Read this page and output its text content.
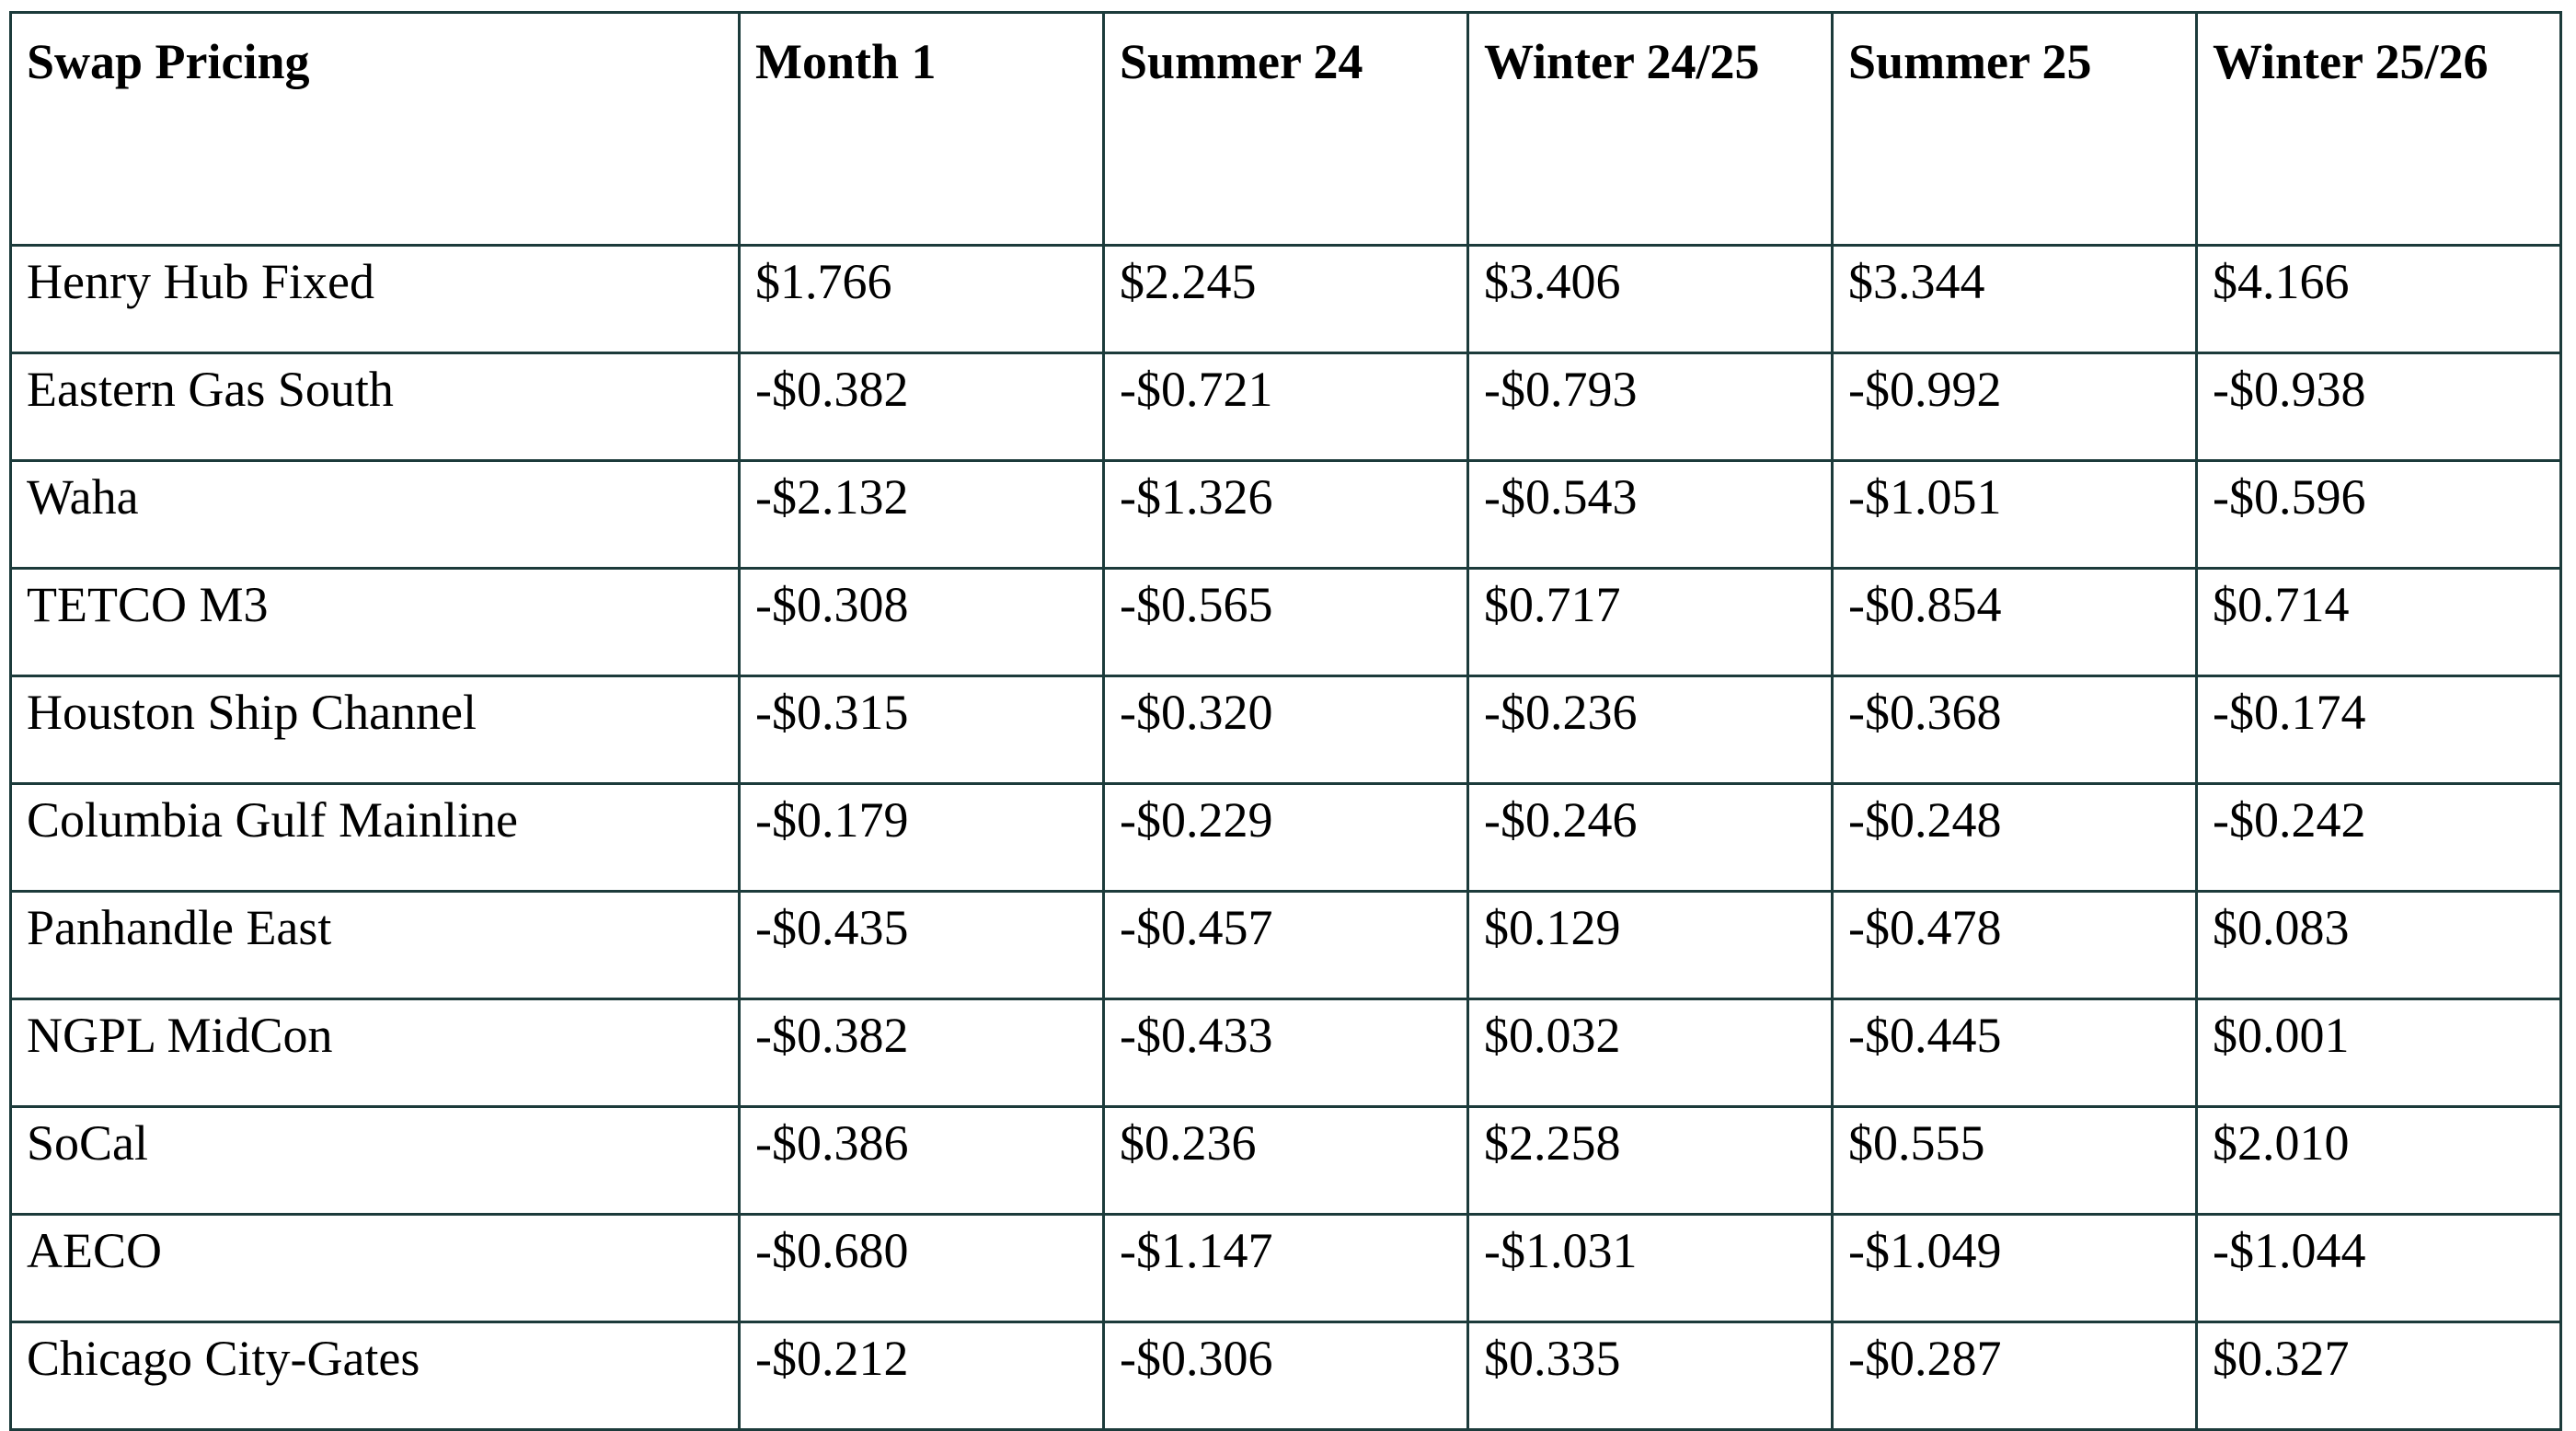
Swap Pricing	Month 1	Summer 24	Winter 24/25	Summer 25	Winter 25/26

Henry Hub Fixed	$1.766	$2.245	$3.406	$3.344	$4.166
Eastern Gas South	-$0.382	-$0.721	-$0.793	-$0.992	-$0.938
Waha	-$2.132	-$1.326	-$0.543	-$1.051	-$0.596
TETCO M3	-$0.308	-$0.565	$0.717	-$0.854	$0.714
Houston Ship Channel	-$0.315	-$0.320	-$0.236	-$0.368	-$0.174
Columbia Gulf Mainline	-$0.179	-$0.229	-$0.246	-$0.248	-$0.242
Panhandle East	-$0.435	-$0.457	$0.129	-$0.478	$0.083
NGPL MidCon	-$0.382	-$0.433	$0.032	-$0.445	$0.001
SoCal	-$0.386	$0.236	$2.258	$0.555	$2.010
AECO	-$0.680	-$1.147	-$1.031	-$1.049	-$1.044
Chicago City-Gates	-$0.212	-$0.306	$0.335	-$0.287	$0.327
